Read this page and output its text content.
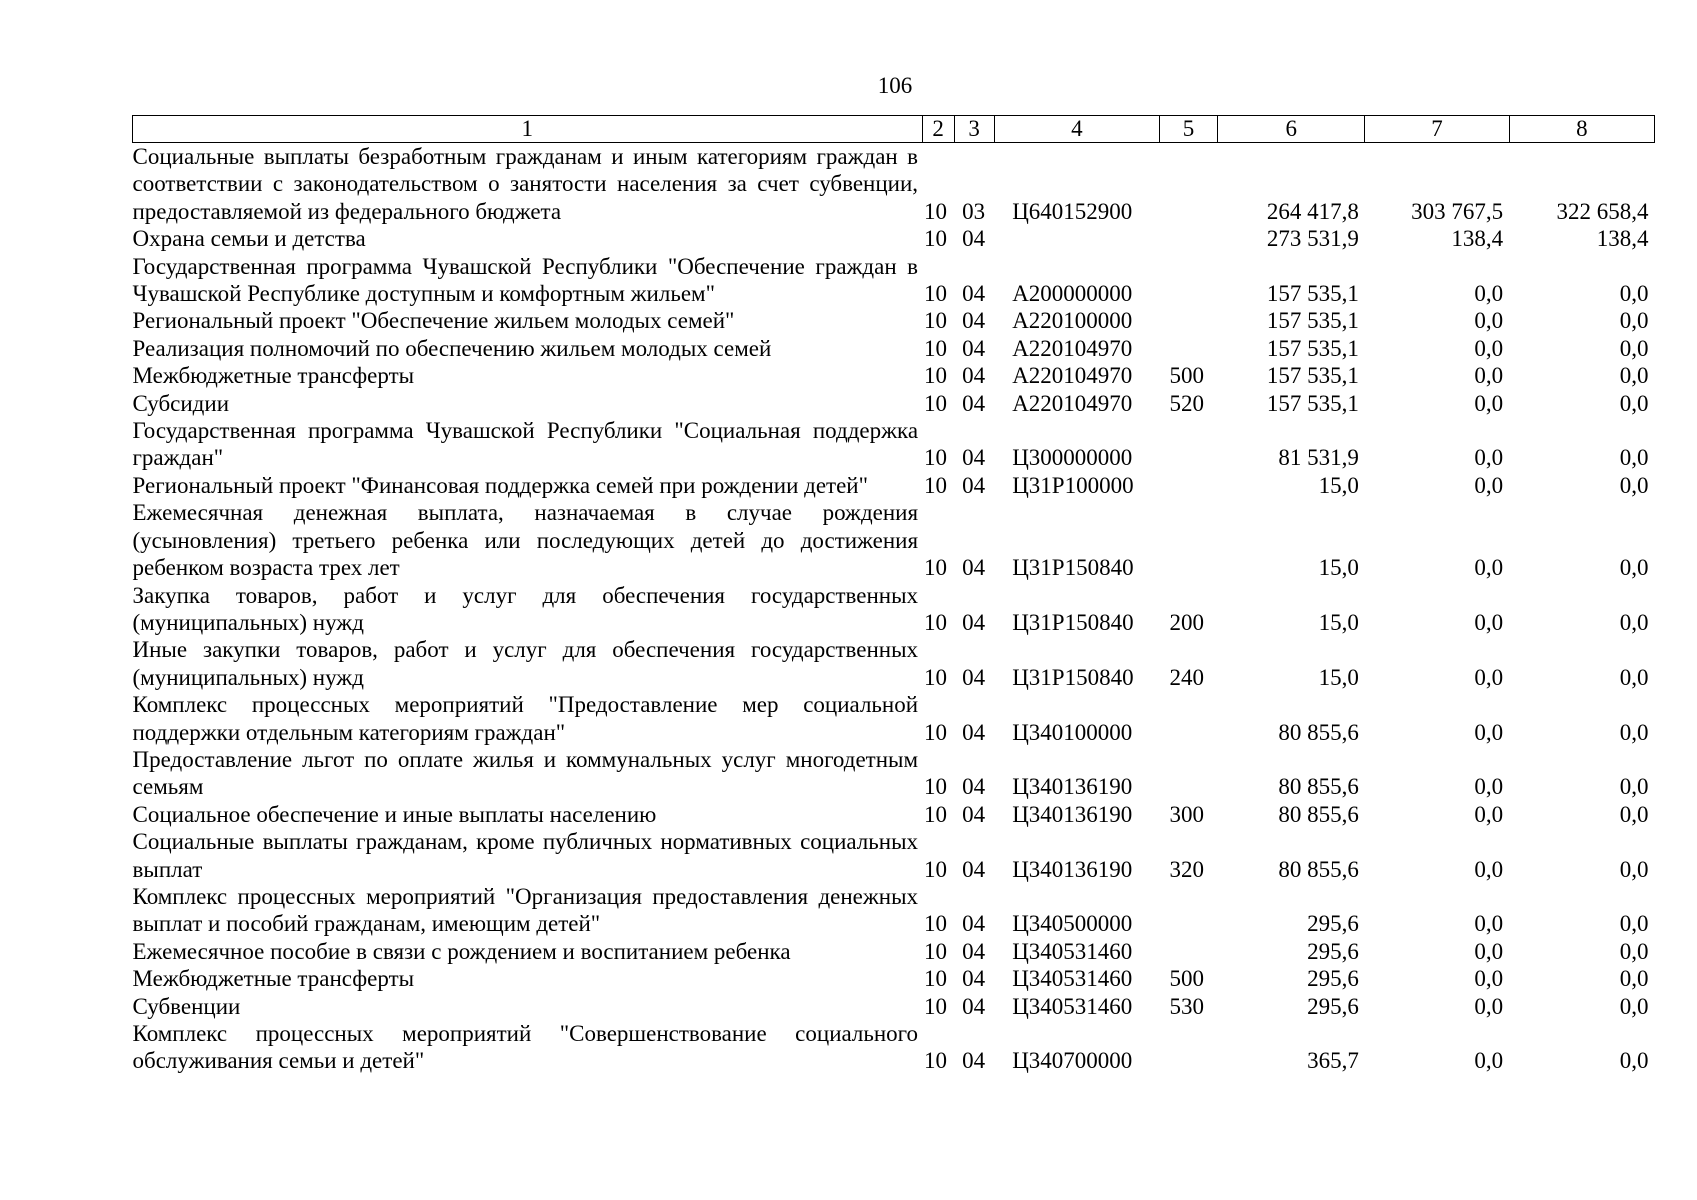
106
1	2	3	4	5	6	7	8
Социальные выплаты безработным гражданам и иным категориям граждан в соответствии с законодательством о занятости населения за счет субвенции, предоставляемой из федерального бюджета	10	03	Ц640152900		264 417,8	303 767,5	322 658,4
Охрана семьи и детства	10	04			273 531,9	138,4	138,4
Государственная программа Чувашской Республики "Обеспечение граждан в Чувашской Республике доступным и комфортным жильем"	10	04	А200000000		157 535,1	0,0	0,0
Региональный проект "Обеспечение жильем молодых семей"	10	04	А220100000		157 535,1	0,0	0,0
Реализация полномочий по обеспечению жильем молодых семей	10	04	А220104970		157 535,1	0,0	0,0
Межбюджетные трансферты	10	04	А220104970	500	157 535,1	0,0	0,0
Субсидии	10	04	А220104970	520	157 535,1	0,0	0,0
Государственная программа Чувашской Республики "Социальная поддержка граждан"	10	04	Ц300000000		81 531,9	0,0	0,0
Региональный проект "Финансовая поддержка семей при рождении детей"	10	04	Ц31Р100000		15,0	0,0	0,0
Ежемесячная денежная выплата, назначаемая в случае рождения (усыновления) третьего ребенка или последующих детей до достижения ребенком возраста трех лет	10	04	Ц31Р150840		15,0	0,0	0,0
Закупка товаров, работ и услуг для обеспечения государственных (муниципальных) нужд	10	04	Ц31Р150840	200	15,0	0,0	0,0
Иные закупки товаров, работ и услуг для обеспечения государственных (муниципальных) нужд	10	04	Ц31Р150840	240	15,0	0,0	0,0
Комплекс процессных мероприятий "Предоставление мер социальной поддержки отдельным категориям граждан"	10	04	Ц340100000		80 855,6	0,0	0,0
Предоставление льгот по оплате жилья и коммунальных услуг многодетным семьям	10	04	Ц340136190		80 855,6	0,0	0,0
Социальное обеспечение и иные выплаты населению	10	04	Ц340136190	300	80 855,6	0,0	0,0
Социальные выплаты гражданам, кроме публичных нормативных социальных выплат	10	04	Ц340136190	320	80 855,6	0,0	0,0
Комплекс процессных мероприятий "Организация предоставления денежных выплат и пособий гражданам, имеющим детей"	10	04	Ц340500000		295,6	0,0	0,0
Ежемесячное пособие в связи с рождением и воспитанием ребенка	10	04	Ц340531460		295,6	0,0	0,0
Межбюджетные трансферты	10	04	Ц340531460	500	295,6	0,0	0,0
Субвенции	10	04	Ц340531460	530	295,6	0,0	0,0
Комплекс процессных мероприятий "Совершенствование социального обслуживания семьи и детей"	10	04	Ц340700000		365,7	0,0	0,0
